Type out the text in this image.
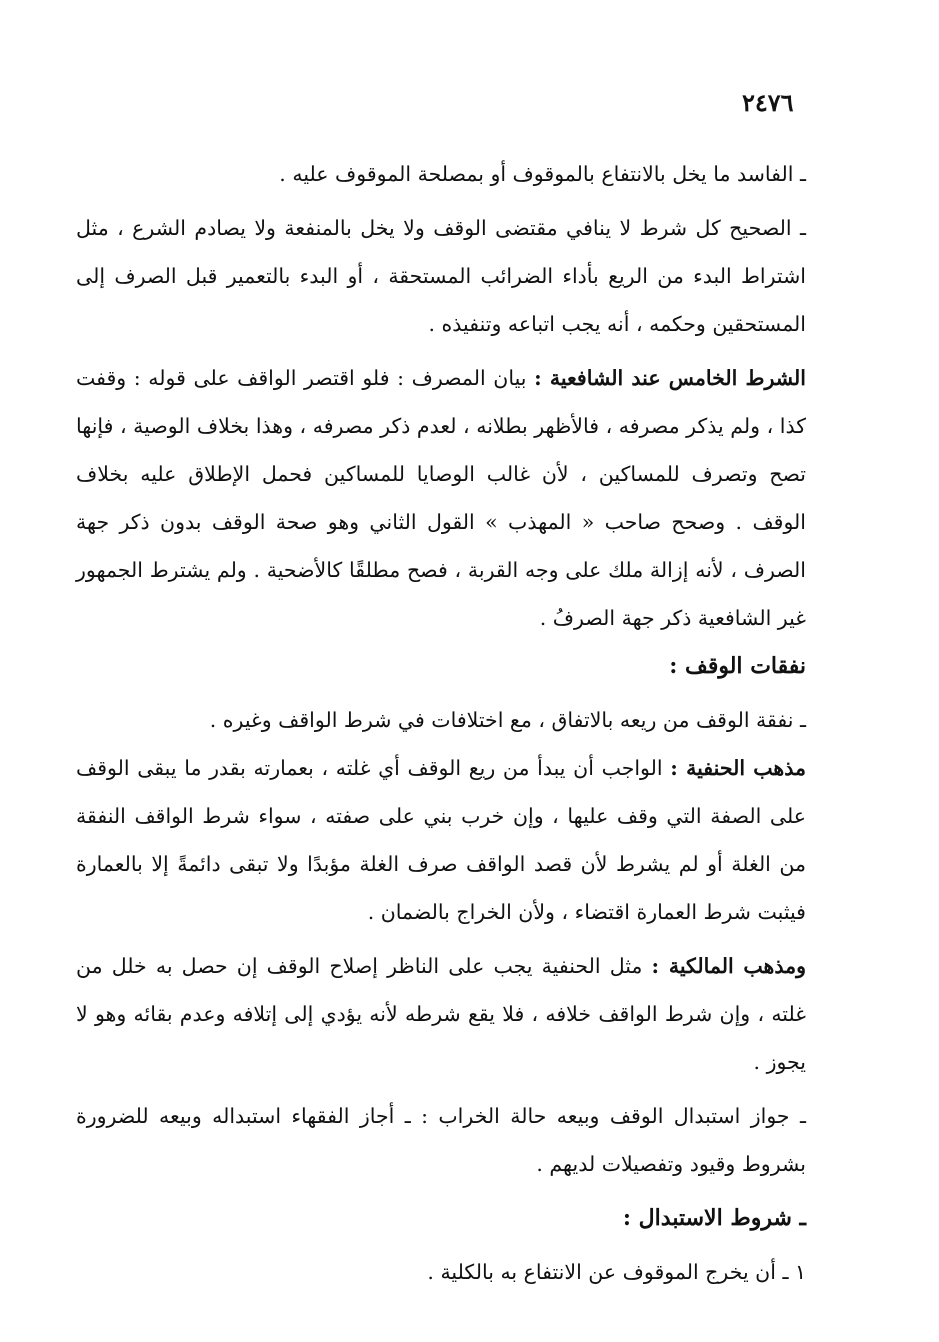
٢٤٧٦

ـ الفاسد ما يخل بالانتفاع بالموقوف أو بمصلحة الموقوف عليه .

ـ الصحيح كل شرط لا ينافي مقتضى الوقف ولا يخل بالمنفعة ولا يصادم الشرع ، مثل اشتراط البدء من الريع بأداء الضرائب المستحقة ، أو البدء بالتعمير قبل الصرف إلى المستحقين وحكمه ، أنه يجب اتباعه وتنفيذه .

الشرط الخامس عند الشافعية : بيان المصرف : فلو اقتصر الواقف على قوله : وقفت كذا ، ولم يذكر مصرفه ، فالأظهر بطلانه ، لعدم ذكر مصرفه ، وهذا بخلاف الوصية ، فإنها تصح وتصرف للمساكين ، لأن غالب الوصايا للمساكين فحمل الإطلاق عليه بخلاف الوقف . وصحح صاحب « المهذب » القول الثاني وهو صحة الوقف بدون ذكر جهة الصرف ، لأنه إزالة ملك على وجه القربة ، فصح مطلقًا كالأضحية . ولم يشترط الجمهور غير الشافعية ذكر جهة الصرفُ .

نفقات الوقف :

ـ نفقة الوقف من ريعه بالاتفاق ، مع اختلافات في شرط الواقف وغيره .

مذهب الحنفية : الواجب أن يبدأ من ريع الوقف أي غلته ، بعمارته بقدر ما يبقى الوقف على الصفة التي وقف عليها ، وإن خرب بني على صفته ، سواء شرط الواقف النفقة من الغلة أو لم يشرط لأن قصد الواقف صرف الغلة مؤبدًا ولا تبقى دائمةً إلا بالعمارة فيثبت شرط العمارة اقتضاء ، ولأن الخراج بالضمان .

ومذهب المالكية : مثل الحنفية يجب على الناظر إصلاح الوقف إن حصل به خلل من غلته ، وإن شرط الواقف خلافه ، فلا يقع شرطه لأنه يؤدي إلى إتلافه وعدم بقائه وهو لا يجوز .

ـ جواز استبدال الوقف وبيعه حالة الخراب : ـ أجاز الفقهاء استبداله وبيعه للضرورة بشروط وقيود وتفصيلات لديهم .

ـ شروط الاستبدال :

١ ـ أن يخرج الموقوف عن الانتفاع به بالكلية .
